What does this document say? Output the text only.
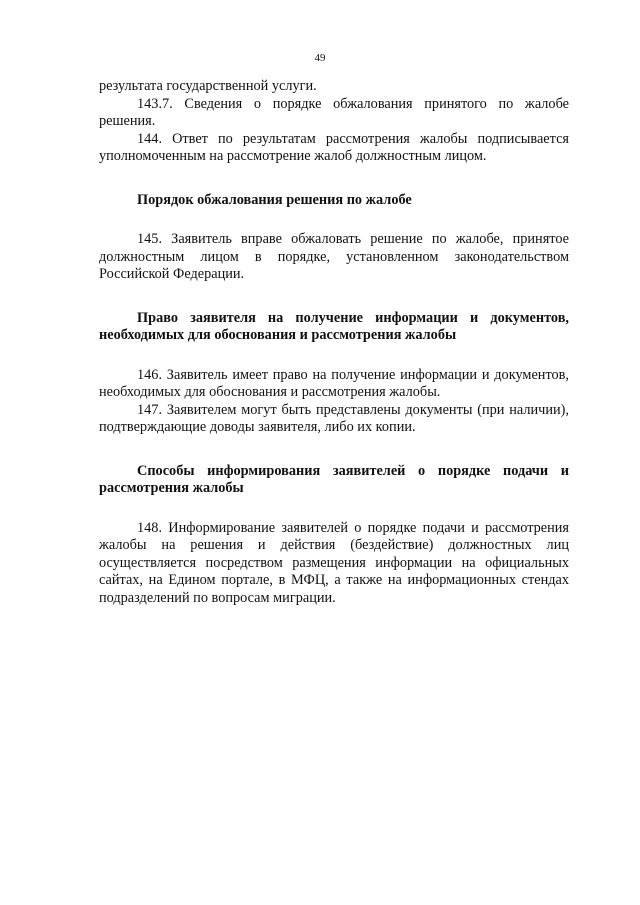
49

результата государственной услуги.

143.7. Сведения о порядке обжалования принятого по жалобе решения.

144. Ответ по результатам рассмотрения жалобы подписывается уполномоченным на рассмотрение жалоб должностным лицом.

Порядок обжалования решения по жалобе

145. Заявитель вправе обжаловать решение по жалобе, принятое должностным лицом в порядке, установленном законодательством Российской Федерации.

Право заявителя на получение информации и документов, необходимых для обоснования и рассмотрения жалобы

146. Заявитель имеет право на получение информации и документов, необходимых для обоснования и рассмотрения жалобы.

147. Заявителем могут быть представлены документы (при наличии), подтверждающие доводы заявителя, либо их копии.

Способы информирования заявителей о порядке подачи и рассмотрения жалобы

148. Информирование заявителей о порядке подачи и рассмотрения жалобы на решения и действия (бездействие) должностных лиц осуществляется посредством размещения информации на официальных сайтах, на Едином портале, в МФЦ, а также на информационных стендах подразделений по вопросам миграции.
